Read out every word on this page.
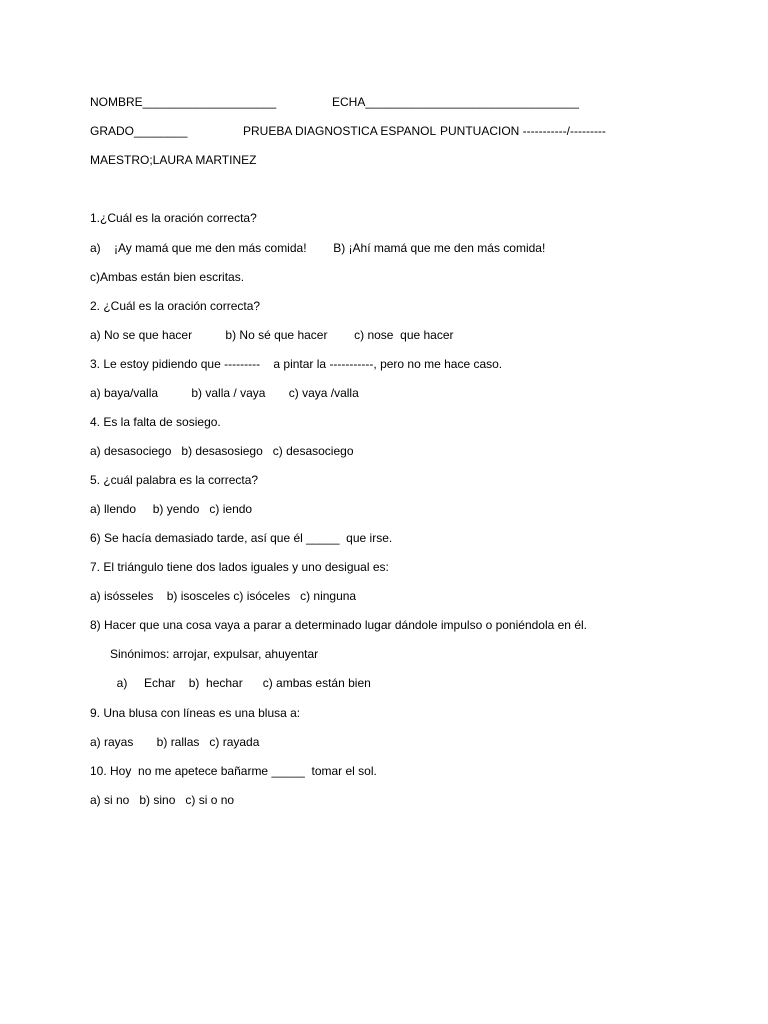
NOMBRE____________________	ECHA________________________________
GRADO________	PRUEBA DIAGNOSTICA ESPANOL PUNTUACION -----------/---------
MAESTRO;LAURA MARTINEZ
1.¿Cuál es la oración correcta?
a)    ¡Ay mamá que me den más comida!        B) ¡Ahí mamá que me den más comida!
c)Ambas están bien escritas.
2. ¿Cuál es la oración correcta?
a) No se que hacer          b) No sé que hacer        c) nose  que hacer
3. Le estoy pidiendo que ---------    a pintar la -----------, pero no me hace caso.
a) baya/valla          b) valla / vaya       c) vaya /valla
4. Es la falta de sosiego.
a) desasociego   b) desasosiego   c) desasociego
5. ¿cuál palabra es la correcta?
a) llendo     b) yendo   c) iendo
6) Se hacía demasiado tarde, así que él _____  que irse.
7. El triángulo tiene dos lados iguales y uno desigual es:
a) isósseles    b) isosceles c) isóceles   c) ninguna
8) Hacer que una cosa vaya a parar a determinado lugar dándole impulso o poniéndola en él.
Sinónimos: arrojar, expulsar, ahuyentar
a)     Echar    b)  hechar      c) ambas están bien
9. Una blusa con líneas es una blusa a:
a) rayas       b) rallas   c) rayada
10. Hoy  no me apetece bañarme _____  tomar el sol.
a) si no   b) sino   c) si o no
